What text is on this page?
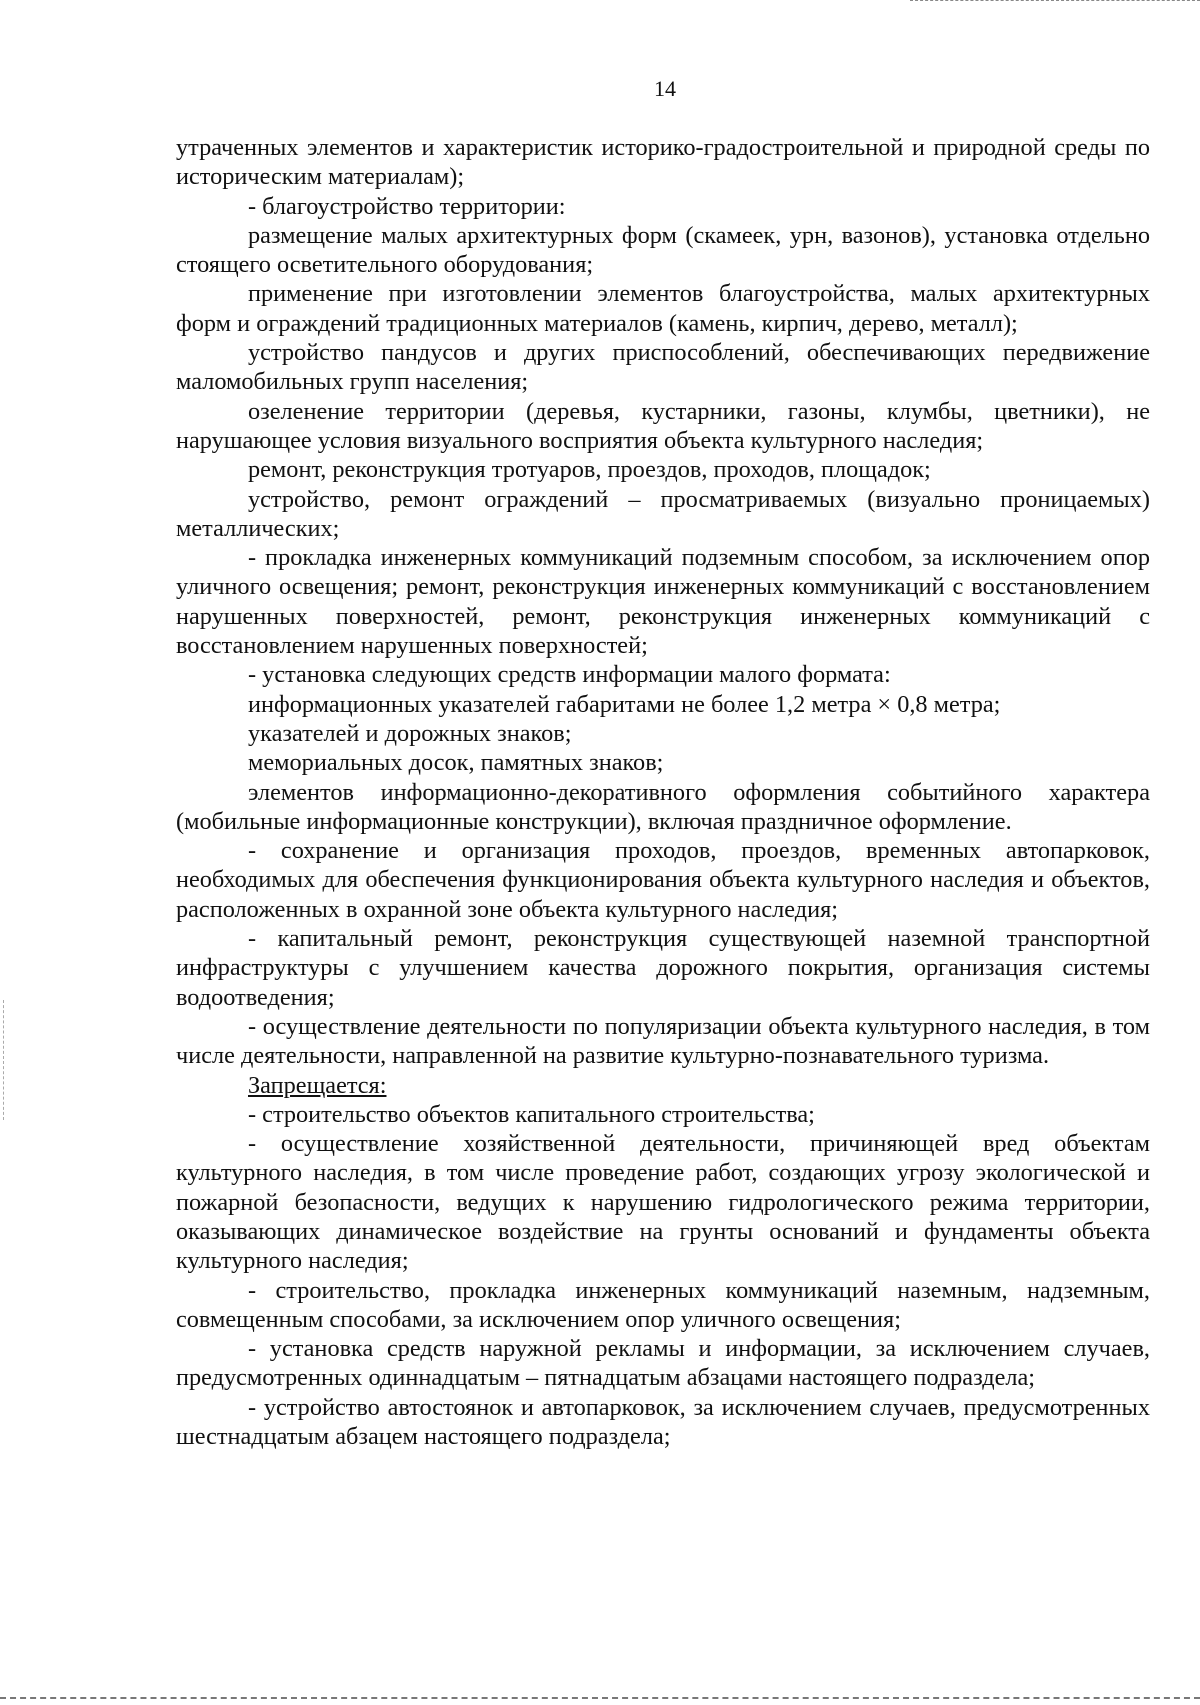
14

утраченных элементов и характеристик историко-градостроительной и природной среды по историческим материалам);

- благоустройство территории:

размещение малых архитектурных форм (скамеек, урн, вазонов), установка отдельно стоящего осветительного оборудования;

применение при изготовлении элементов благоустройства, малых архитектурных форм и ограждений традиционных материалов (камень, кирпич, дерево, металл);

устройство пандусов и других приспособлений, обеспечивающих передвижение маломобильных групп населения;

озеленение территории (деревья, кустарники, газоны, клумбы, цветники), не нарушающее условия визуального восприятия объекта культурного наследия;

ремонт, реконструкция тротуаров, проездов, проходов, площадок;

устройство, ремонт ограждений – просматриваемых (визуально проницаемых) металлических;

- прокладка инженерных коммуникаций подземным способом, за исключением опор уличного освещения; ремонт, реконструкция инженерных коммуникаций с восстановлением нарушенных поверхностей, ремонт, реконструкция инженерных коммуникаций с восстановлением нарушенных поверхностей;

- установка следующих средств информации малого формата:

информационных указателей габаритами не более 1,2 метра × 0,8 метра;

указателей и дорожных знаков;

мемориальных досок, памятных знаков;

элементов информационно-декоративного оформления событийного характера (мобильные информационные конструкции), включая праздничное оформление.

- сохранение и организация проходов, проездов, временных автопарковок, необходимых для обеспечения функционирования объекта культурного наследия и объектов, расположенных в охранной зоне объекта культурного наследия;

- капитальный ремонт, реконструкция существующей наземной транспортной инфраструктуры с улучшением качества дорожного покрытия, организация системы водоотведения;

- осуществление деятельности по популяризации объекта культурного наследия, в том числе деятельности, направленной на развитие культурно-познавательного туризма.

Запрещается:

- строительство объектов капитального строительства;

- осуществление хозяйственной деятельности, причиняющей вред объектам культурного наследия, в том числе проведение работ, создающих угрозу экологической и пожарной безопасности, ведущих к нарушению гидрологического режима территории, оказывающих динамическое воздействие на грунты оснований и фундаменты объекта культурного наследия;

- строительство, прокладка инженерных коммуникаций наземным, надземным, совмещенным способами, за исключением опор уличного освещения;

- установка средств наружной рекламы и информации, за исключением случаев, предусмотренных одиннадцатым – пятнадцатым абзацами настоящего подраздела;

- устройство автостоянок и автопарковок, за исключением случаев, предусмотренных шестнадцатым абзацем настоящего подраздела;
